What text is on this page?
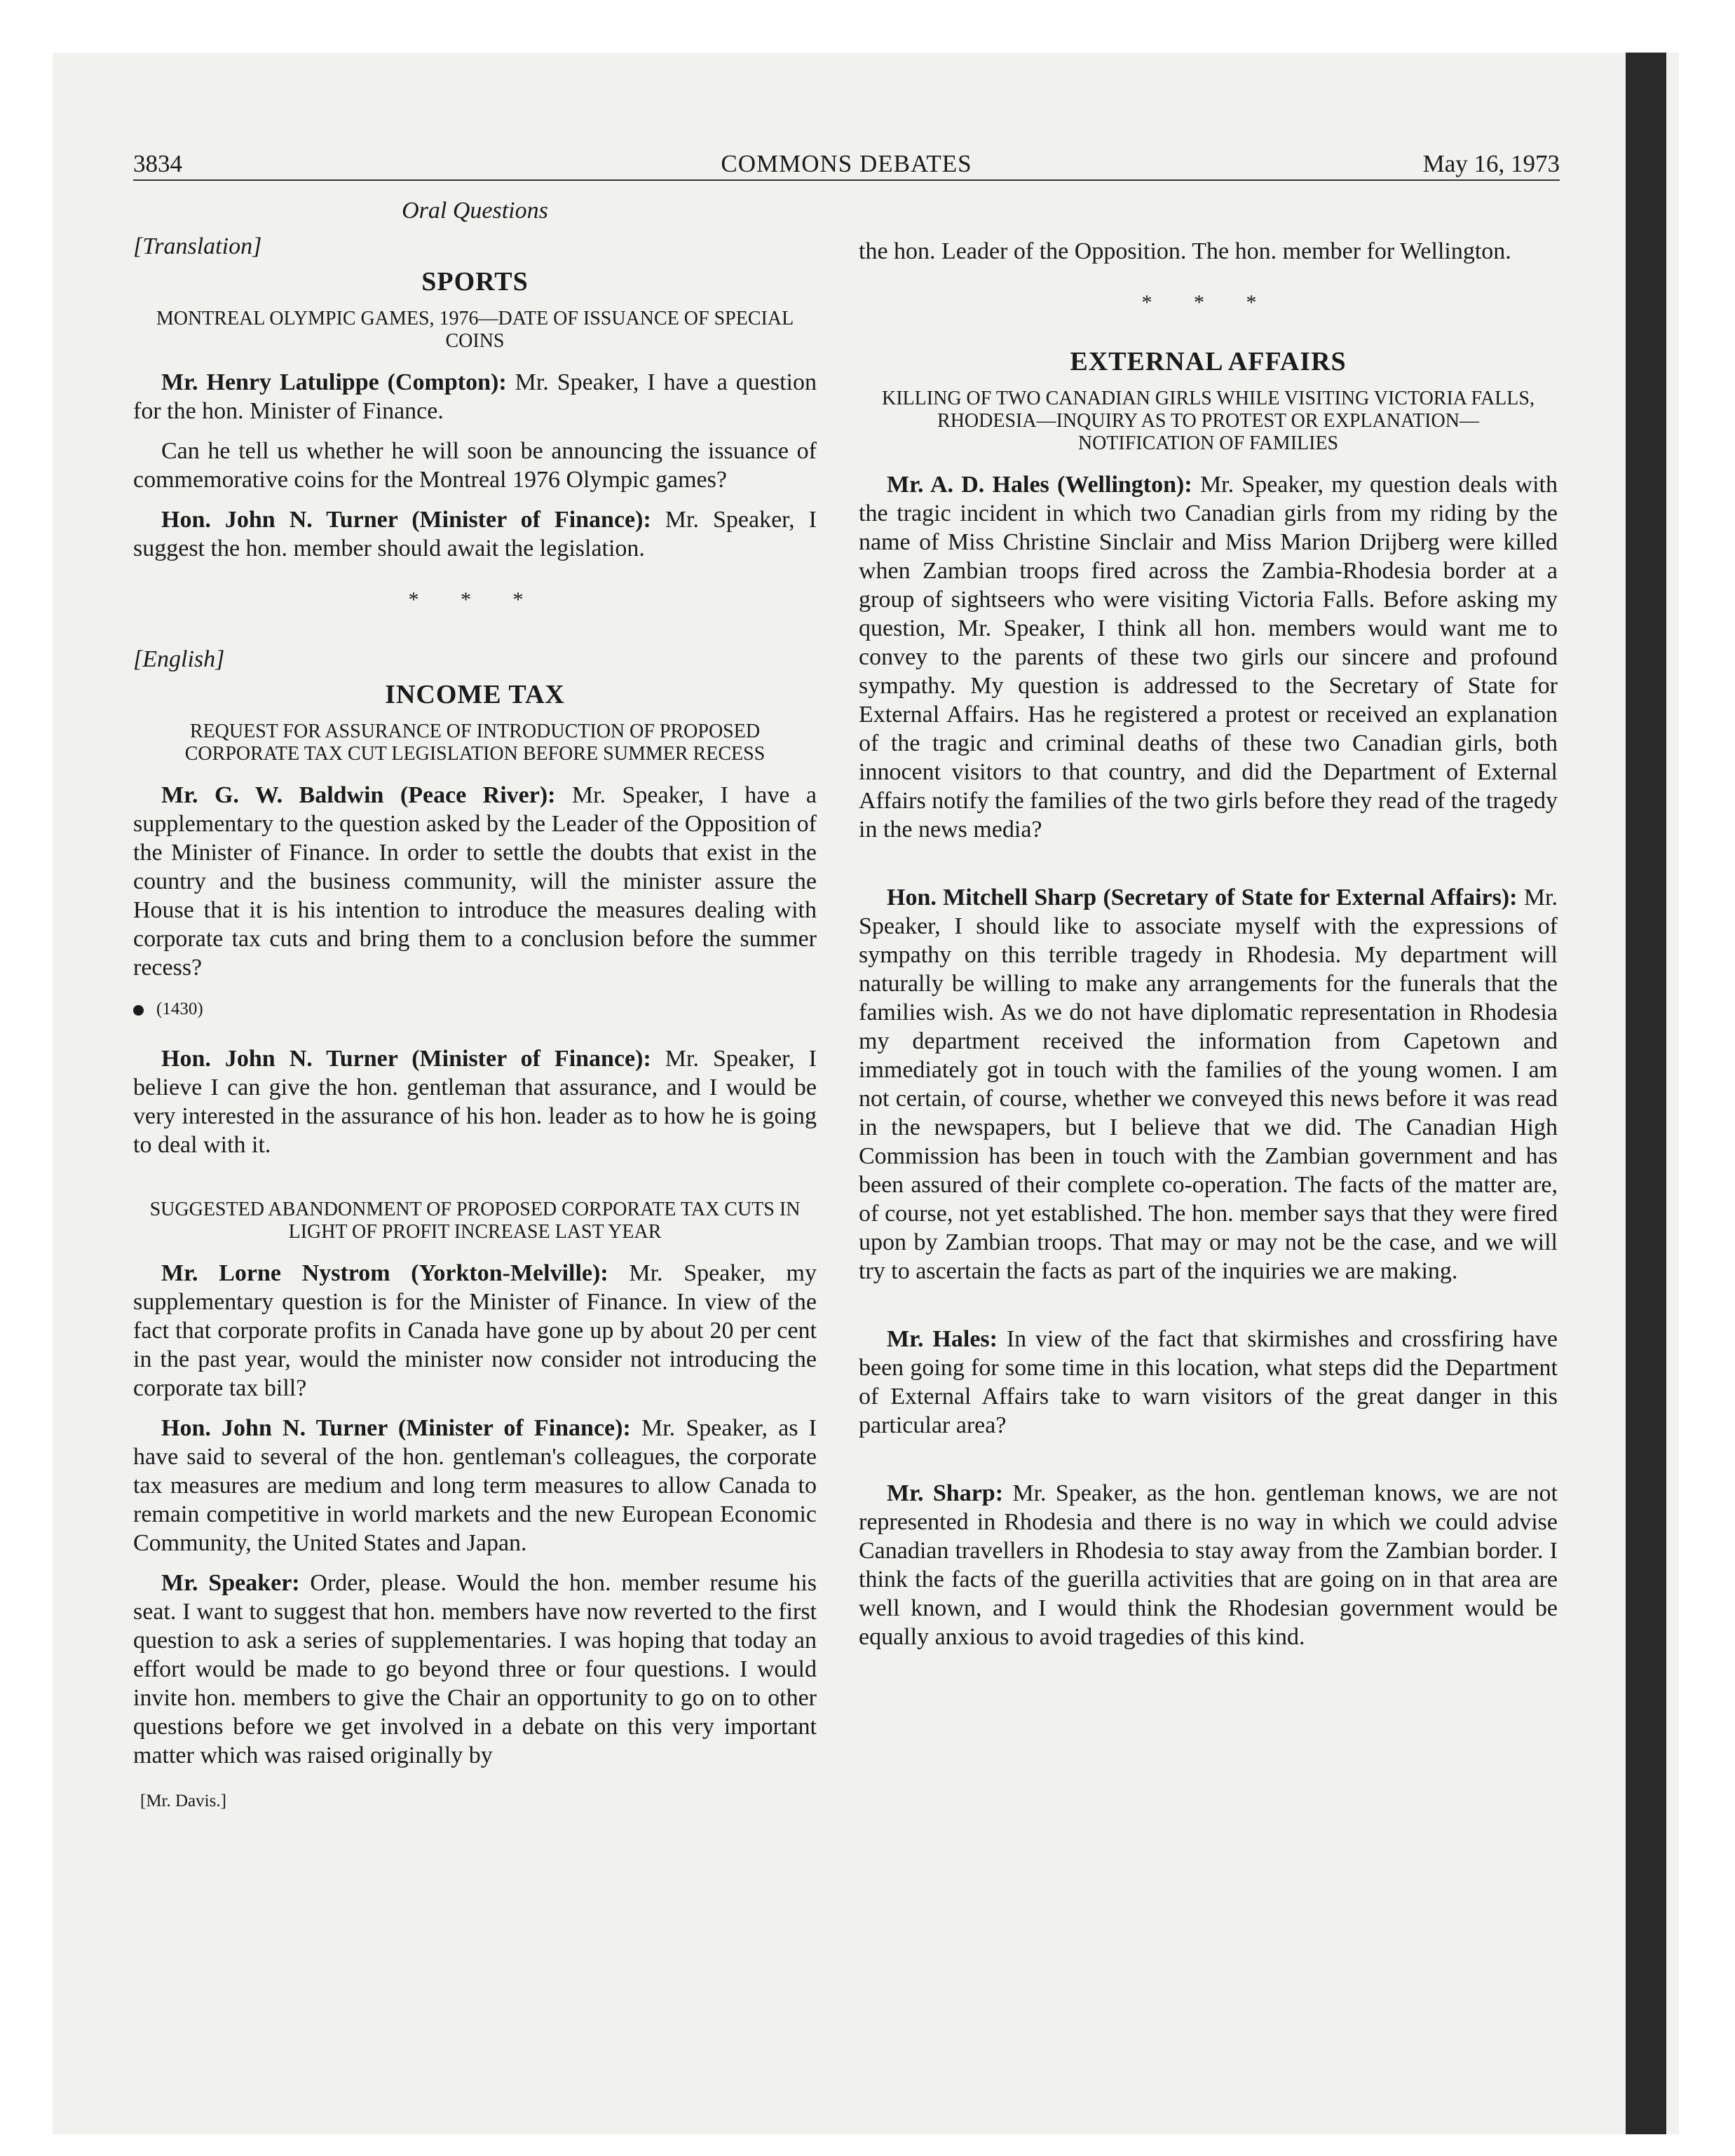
3834	COMMONS DEBATES	May 16, 1973
Oral Questions
[Translation]
SPORTS
MONTREAL OLYMPIC GAMES, 1976—DATE OF ISSUANCE OF SPECIAL COINS

Mr. Henry Latulippe (Compton): Mr. Speaker, I have a question for the hon. Minister of Finance.

Can he tell us whether he will soon be announcing the issuance of commemorative coins for the Montreal 1976 Olympic games?

Hon. John N. Turner (Minister of Finance): Mr. Speaker, I suggest the hon. member should await the legislation.

* * *
[English]
INCOME TAX
REQUEST FOR ASSURANCE OF INTRODUCTION OF PROPOSED CORPORATE TAX CUT LEGISLATION BEFORE SUMMER RECESS

Mr. G. W. Baldwin (Peace River): Mr. Speaker, I have a supplementary to the question asked by the Leader of the Opposition of the Minister of Finance. In order to settle the doubts that exist in the country and the business community, will the minister assure the House that it is his intention to introduce the measures dealing with corporate tax cuts and bring them to a conclusion before the summer recess?

(1430)

Hon. John N. Turner (Minister of Finance): Mr. Speaker, I believe I can give the hon. gentleman that assurance, and I would be very interested in the assurance of his hon. leader as to how he is going to deal with it.

SUGGESTED ABANDONMENT OF PROPOSED CORPORATE TAX CUTS IN LIGHT OF PROFIT INCREASE LAST YEAR

Mr. Lorne Nystrom (Yorkton-Melville): Mr. Speaker, my supplementary question is for the Minister of Finance. In view of the fact that corporate profits in Canada have gone up by about 20 per cent in the past year, would the minister now consider not introducing the corporate tax bill?

Hon. John N. Turner (Minister of Finance): Mr. Speaker, as I have said to several of the hon. gentleman's colleagues, the corporate tax measures are medium and long term measures to allow Canada to remain competitive in world markets and the new European Economic Community, the United States and Japan.

Mr. Speaker: Order, please. Would the hon. member resume his seat. I want to suggest that hon. members have now reverted to the first question to ask a series of supplementaries. I was hoping that today an effort would be made to go beyond three or four questions. I would invite hon. members to give the Chair an opportunity to go on to other questions before we get involved in a debate on this very important matter which was raised originally by

[Mr. Davis.]

the hon. Leader of the Opposition. The hon. member for Wellington.

* * *
EXTERNAL AFFAIRS
KILLING OF TWO CANADIAN GIRLS WHILE VISITING VICTORIA FALLS, RHODESIA—INQUIRY AS TO PROTEST OR EXPLANATION—NOTIFICATION OF FAMILIES

Mr. A. D. Hales (Wellington): Mr. Speaker, my question deals with the tragic incident in which two Canadian girls from my riding by the name of Miss Christine Sinclair and Miss Marion Drijberg were killed when Zambian troops fired across the Zambia-Rhodesia border at a group of sightseers who were visiting Victoria Falls. Before asking my question, Mr. Speaker, I think all hon. members would want me to convey to the parents of these two girls our sincere and profound sympathy. My question is addressed to the Secretary of State for External Affairs. Has he registered a protest or received an explanation of the tragic and criminal deaths of these two Canadian girls, both innocent visitors to that country, and did the Department of External Affairs notify the families of the two girls before they read of the tragedy in the news media?

Hon. Mitchell Sharp (Secretary of State for External Affairs): Mr. Speaker, I should like to associate myself with the expressions of sympathy on this terrible tragedy in Rhodesia. My department will naturally be willing to make any arrangements for the funerals that the families wish. As we do not have diplomatic representation in Rhodesia my department received the information from Capetown and immediately got in touch with the families of the young women. I am not certain, of course, whether we conveyed this news before it was read in the newspapers, but I believe that we did. The Canadian High Commission has been in touch with the Zambian government and has been assured of their complete co-operation. The facts of the matter are, of course, not yet established. The hon. member says that they were fired upon by Zambian troops. That may or may not be the case, and we will try to ascertain the facts as part of the inquiries we are making.

Mr. Hales: In view of the fact that skirmishes and crossfiring have been going for some time in this location, what steps did the Department of External Affairs take to warn visitors of the great danger in this particular area?

Mr. Sharp: Mr. Speaker, as the hon. gentleman knows, we are not represented in Rhodesia and there is no way in which we could advise Canadian travellers in Rhodesia to stay away from the Zambian border. I think the facts of the guerilla activities that are going on in that area are well known, and I would think the Rhodesian government would be equally anxious to avoid tragedies of this kind.
